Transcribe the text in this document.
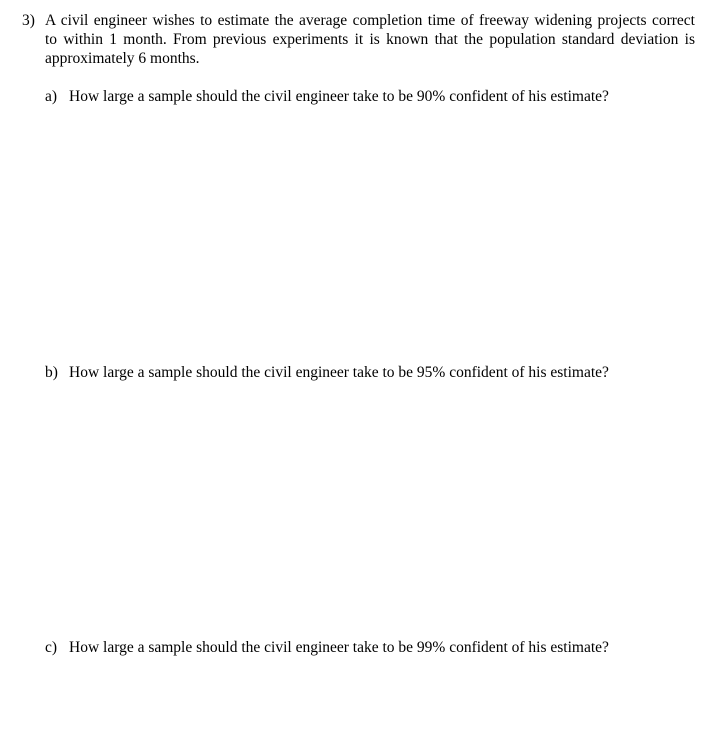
3) A civil engineer wishes to estimate the average completion time of freeway widening projects correct
to within 1 month. From previous experiments it is known that the population standard deviation is
approximately 6 months.
a) How large a sample should the civil engineer take to be 90% confident of his estimate?
b) How large a sample should the civil engineer take to be 95% confident of his estimate?
c) How large a sample should the civil engineer take to be 99% confident of his estimate?
